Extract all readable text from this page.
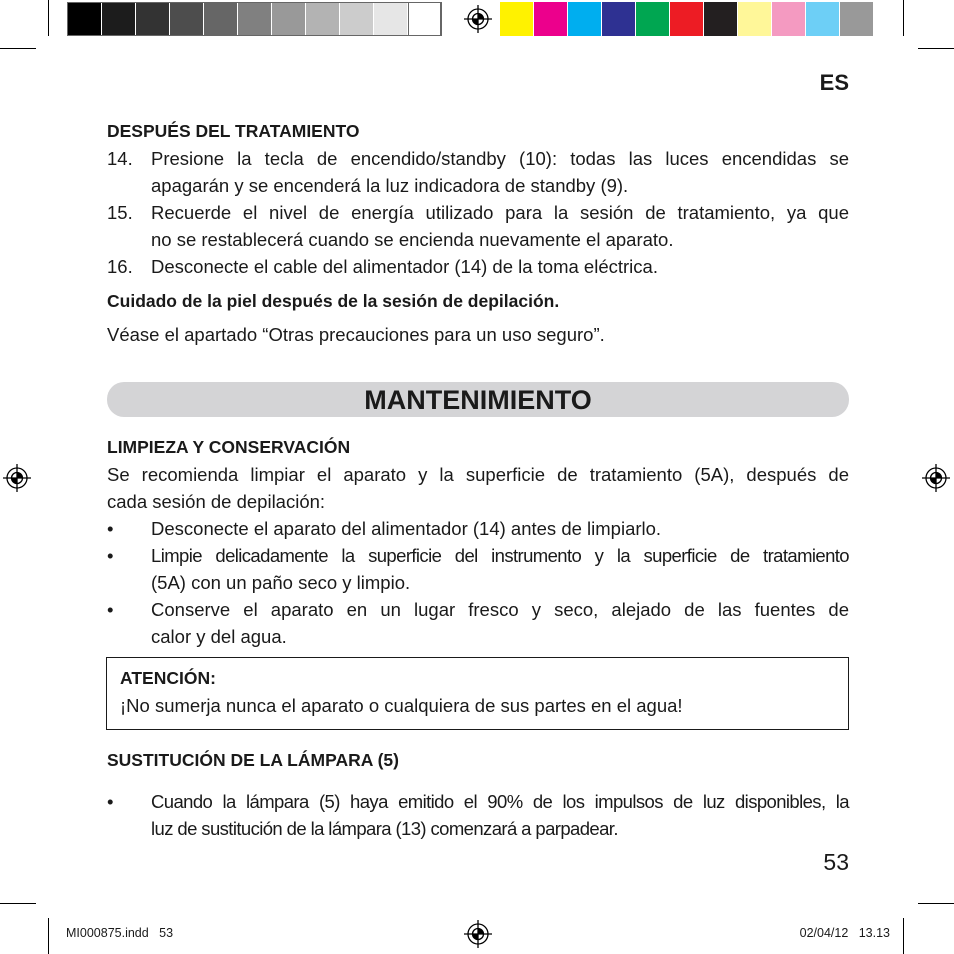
ES
DESPUÉS DEL TRATAMIENTO
14. Presione la tecla de encendido/standby (10): todas las luces encendidas se
apagarán y se encenderá la luz indicadora de standby (9).
15. Recuerde el nivel de energía utilizado para la sesión de tratamiento, ya que
no se restablecerá cuando se encienda nuevamente el aparato.
16. Desconecte el cable del alimentador (14) de la toma eléctrica.
Cuidado de la piel después de la sesión de depilación.
Véase el apartado “Otras precauciones para un uso seguro”.
MANTENIMIENTO
LIMPIEZA Y CONSERVACIÓN
Se recomienda limpiar el aparato y la superficie de tratamiento (5A), después de
cada sesión de depilación:
• Desconecte el aparato del alimentador (14) antes de limpiarlo.
• Limpie delicadamente la superficie del instrumento y la superficie de tratamiento
(5A) con un paño seco y limpio.
• Conserve el aparato en un lugar fresco y seco, alejado de las fuentes de
calor y del agua.
ATENCIÓN:
¡No sumerja nunca el aparato o cualquiera de sus partes en el agua!
SUSTITUCIÓN DE LA LÁMPARA (5)
• Cuando la lámpara (5) haya emitido el 90% de los impulsos de luz disponibles, la
luz de sustitución de la lámpara (13) comenzará a parpadear.
53
MI000875.indd   53	02/04/12   13.13
